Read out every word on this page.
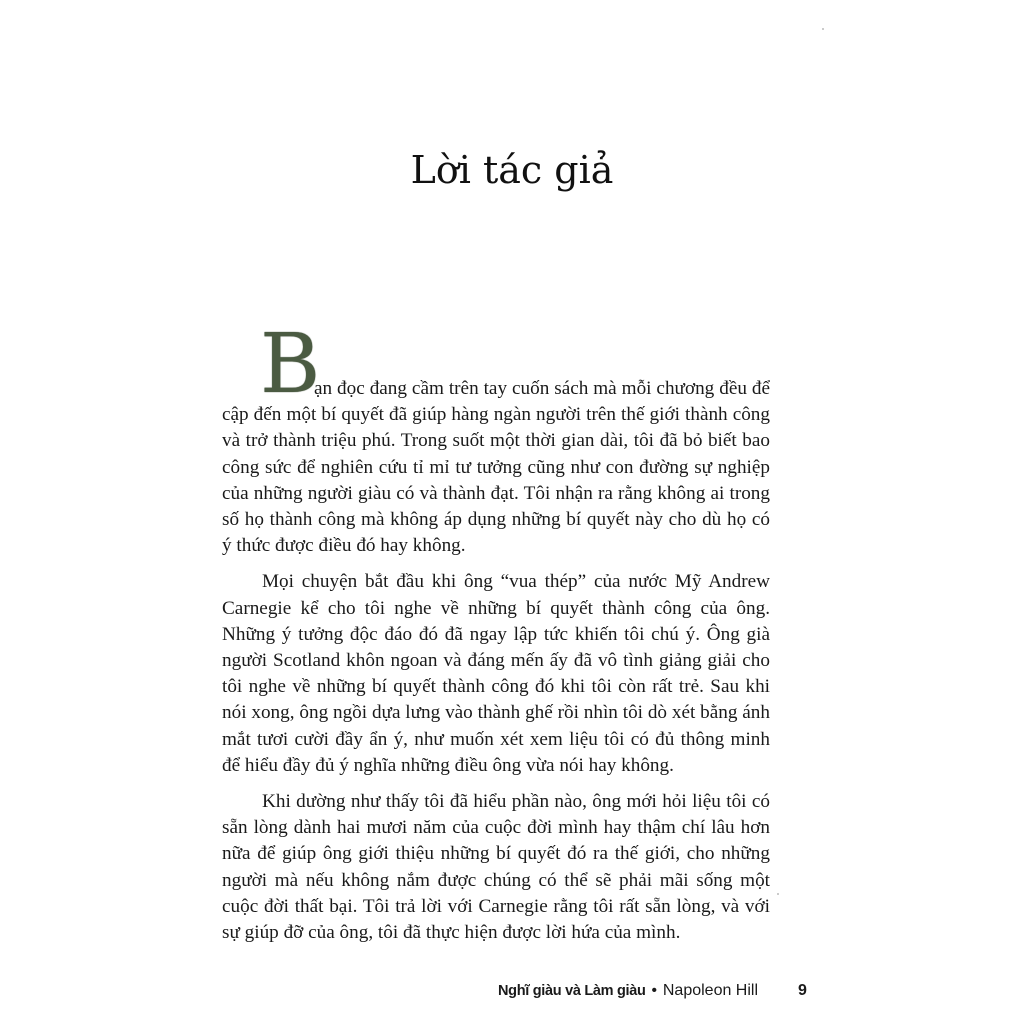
Lời tác giả

B
ạn đọc đang cầm trên tay cuốn sách mà mỗi chương đều để cập đến một bí quyết đã giúp hàng ngàn người trên thế giới thành công và trở thành triệu phú. Trong suốt một thời gian dài, tôi đã bỏ biết bao công sức để nghiên cứu tỉ mỉ tư tưởng cũng như con đường sự nghiệp của những người giàu có và thành đạt. Tôi nhận ra rằng không ai trong số họ thành công mà không áp dụng những bí quyết này cho dù họ có ý thức được điều đó hay không.

Mọi chuyện bắt đầu khi ông “vua thép” của nước Mỹ Andrew Carnegie kể cho tôi nghe về những bí quyết thành công của ông. Những ý tưởng độc đáo đó đã ngay lập tức khiến tôi chú ý. Ông già người Scotland khôn ngoan và đáng mến ấy đã vô tình giảng giải cho tôi nghe về những bí quyết thành công đó khi tôi còn rất trẻ. Sau khi nói xong, ông ngồi dựa lưng vào thành ghế rồi nhìn tôi dò xét bằng ánh mắt tươi cười đầy ẩn ý, như muốn xét xem liệu tôi có đủ thông minh để hiểu đầy đủ ý nghĩa những điều ông vừa nói hay không.

Khi dường như thấy tôi đã hiểu phần nào, ông mới hỏi liệu tôi có sẵn lòng dành hai mươi năm của cuộc đời mình hay thậm chí lâu hơn nữa để giúp ông giới thiệu những bí quyết đó ra thế giới, cho những người mà nếu không nắm được chúng có thể sẽ phải mãi sống một cuộc đời thất bại. Tôi trả lời với Carnegie rằng tôi rất sẵn lòng, và với sự giúp đỡ của ông, tôi đã thực hiện được lời hứa của mình.

Nghĩ giàu và Làm giàu • Napoleon Hill 9
